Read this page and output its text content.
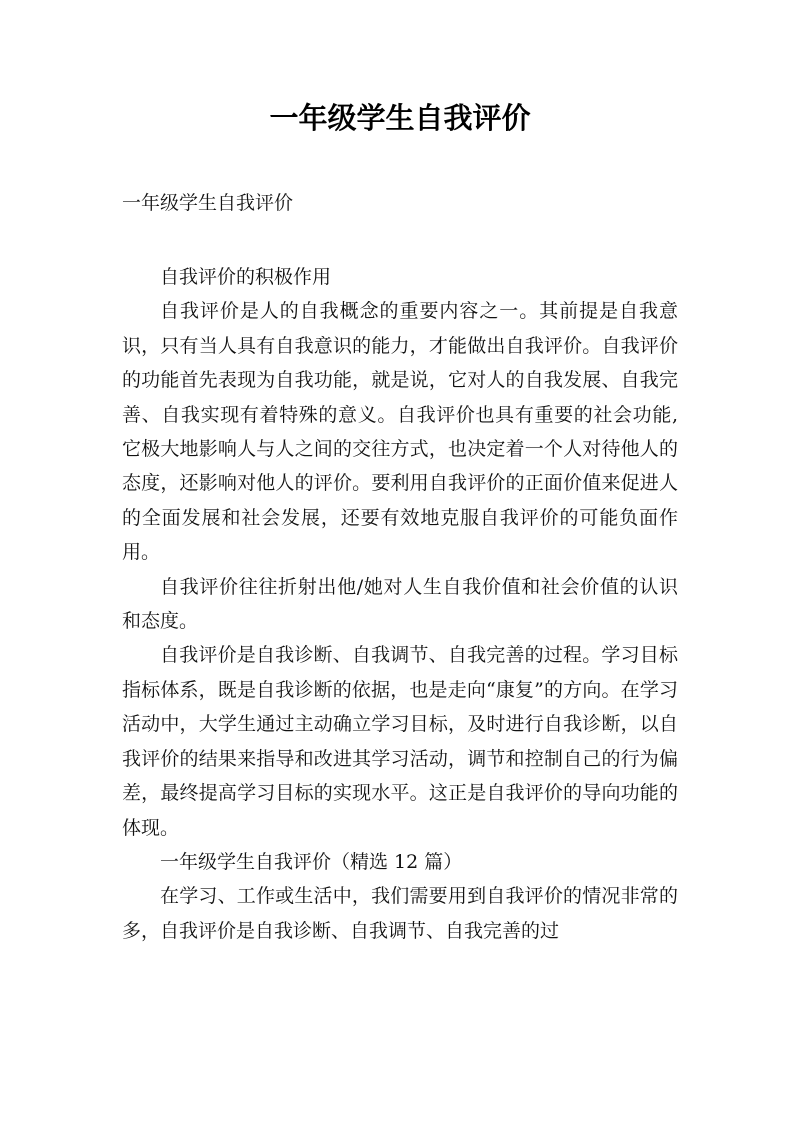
一年级学生自我评价
一年级学生自我评价

自我评价的积极作用

自我评价是人的自我概念的重要内容之一。其前提是自我意识，只有当人具有自我意识的能力，才能做出自我评价。自我评价的功能首先表现为自我功能，就是说，它对人的自我发展、自我完善、自我实现有着特殊的意义。自我评价也具有重要的社会功能,它极大地影响人与人之间的交往方式，也决定着一个人对待他人的态度，还影响对他人的评价。要利用自我评价的正面价值来促进人的全面发展和社会发展，还要有效地克服自我评价的可能负面作用。

自我评价往往折射出他/她对人生自我价值和社会价值的认识和态度。

自我评价是自我诊断、自我调节、自我完善的过程。学习目标指标体系，既是自我诊断的依据，也是走向“康复”的方向。在学习活动中，大学生通过主动确立学习目标，及时进行自我诊断，以自我评价的结果来指导和改进其学习活动，调节和控制自己的行为偏差，最终提高学习目标的实现水平。这正是自我评价的导向功能的体现。

一年级学生自我评价（精选 12 篇）

在学习、工作或生活中，我们需要用到自我评价的情况非常的多，自我评价是自我诊断、自我调节、自我完善的过
